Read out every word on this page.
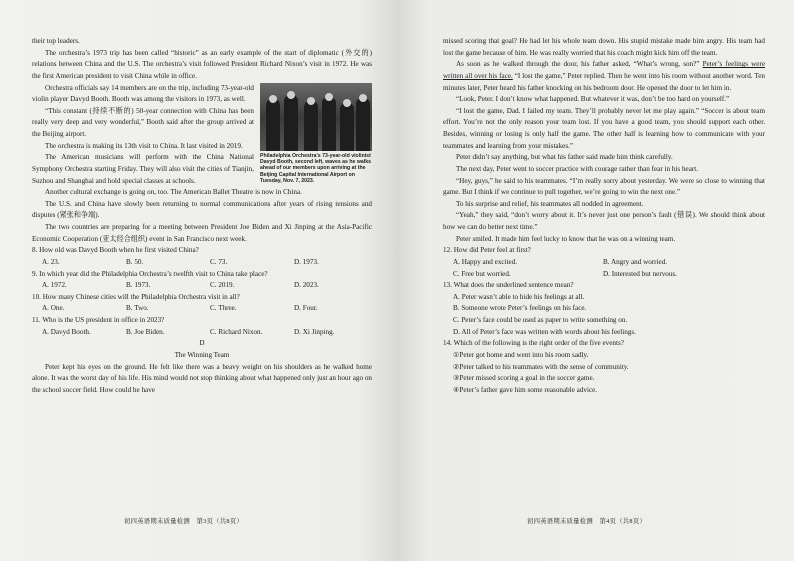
their top leaders.

The orchestra’s 1973 trip has been called “historic” as an early example of the start of diplomatic (外交的) relations between China and the U.S. The orchestra’s visit followed President Richard Nixon’s visit in 1972. He was the first American president to visit China while in office.

Philadelphia Orchestra’s 73-year-old violinist Davyd Booth, second left, waves as he walks ahead of our members upon arriving at the Beijing Capital International Airport on Tuesday, Nov. 7, 2023.

Orchestra officials say 14 members are on the trip, including 73-year-old violin player Davyd Booth. Booth was among the visitors in 1973, as well.

“This constant (持续不断的) 50-year connection with China has been really very deep and very wonderful,” Booth said after the group arrived at the Beijing airport.

The orchestra is making its 13th visit to China. It last visited in 2019.

The American musicians will perform with the China National Symphony Orchestra starting Friday. They will also visit the cities of Tianjin, Suzhou and Shanghai and hold special classes at schools.

Another cultural exchange is going on, too. The American Ballet Theatre is now in China.

The U.S. and China have slowly been returning to normal communications after years of rising tensions and disputes (紧张和争端).

The two countries are preparing for a meeting between President Joe Biden and Xi Jinping at the Asia-Pacific Economic Cooperation (亚太经合组织) event in San Francisco next week.

8. How old was Davyd Booth when he first visited China?

A. 23.	B. 50.	C. 73.	D. 1973.

9. In which year did the Philadelphia Orchestra’s twelfth visit to China take place?

A. 1972.	B. 1973.	C. 2019.	D. 2023.

10. How many Chinese cities will the Philadelphia Orchestra visit in all?

A. One.	B. Two.	C. Three.	D. Four.

11. Who is the US president in office in 2023?

A. Davyd Booth.	B. Joe Biden.	C. Richard Nixon.	D. Xi Jinping.

D

The Winning Team

Peter kept his eyes on the ground. He felt like there was a heavy weight on his shoulders as he walked home alone. It was the worst day of his life. His mind would not stop thinking about what happened only just an hour ago on the school soccer field. How could he have

初四英语期末质量检测　第3页（共8页）

missed scoring that goal? He had let his whole team down. His stupid mistake made him angry. His team had lost the game because of him. He was really worried that his coach might kick him off the team.

As soon as he walked through the door, his father asked, “What’s wrong, son?” Peter’s feelings were written all over his face. “I lost the game,” Peter replied. Then he went into his room without another word. Ten minutes later, Peter heard his father knocking on his bedroom door. He opened the door to let him in.

“Look, Peter. I don’t know what happened. But whatever it was, don’t be too hard on yourself.”

“I lost the game, Dad. I failed my team. They’ll probably never let me play again.” “Soccer is about team effort. You’re not the only reason your team lost. If you have a good team, you should support each other. Besides, winning or losing is only half the game. The other half is learning how to communicate with your teammates and learning from your mistakes.”

Peter didn’t say anything, but what his father said made him think carefully.

The next day, Peter went to soccer practice with courage rather than fear in his heart.

“Hey, guys,” he said to his teammates. “I’m really sorry about yesterday. We were so close to winning that game. But I think if we continue to pull together, we’re going to win the next one.”

To his surprise and relief, his teammates all nodded in agreement.

“Yeah,” they said, “don’t worry about it. It’s never just one person’s fault (错误). We should think about how we can do better next time.”

Peter smiled. It made him feel lucky to know that he was on a winning team.

12. How did Peter feel at first?

A. Happy and excited.	B. Angry and worried.
C. Free but worried.	D. Interested but nervous.

13. What does the underlined sentence mean?

A. Peter wasn’t able to hide his feelings at all.

B. Someone wrote Peter’s feelings on his face.

C. Peter’s face could be used as paper to write something on.

D. All of Peter’s face was written with words about his feelings.

14. Which of the following is the right order of the five events?

①Peter got home and went into his room sadly.

②Peter talked to his teammates with the sense of community.

③Peter missed scoring a goal in the soccer game.

④Peter’s father gave him some reasonable advice.

初四英语期末质量检测　第4页（共8页）
